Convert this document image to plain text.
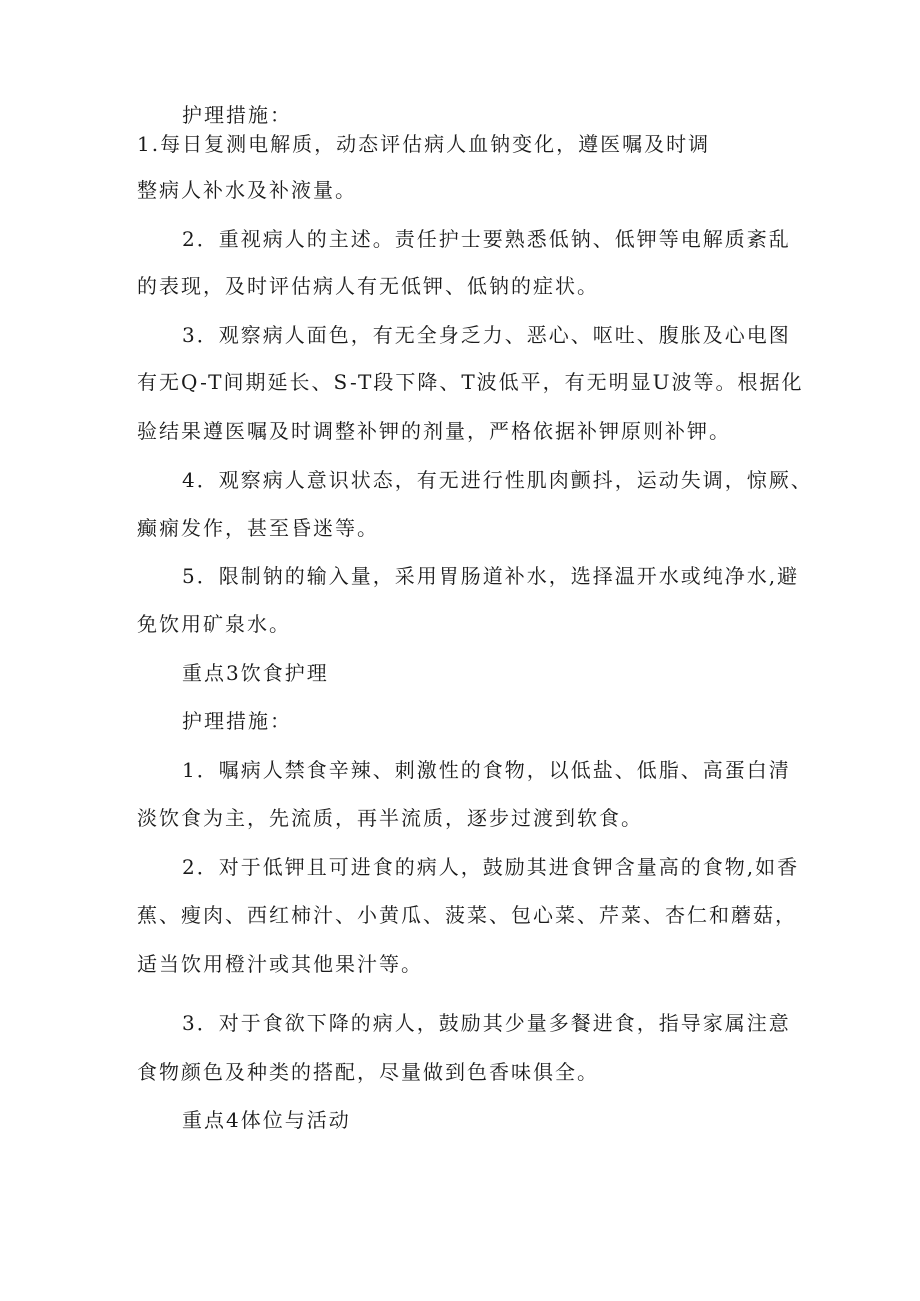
护理措施：
1.每日复测电解质，动态评估病人血钠变化，遵医嘱及时调
整病人补水及补液量。
2．重视病人的主述。责任护士要熟悉低钠、低钾等电解质紊乱
的表现，及时评估病人有无低钾、低钠的症状。
3．观察病人面色，有无全身乏力、恶心、呕吐、腹胀及心电图
有无Q-T间期延长、S-T段下降、T波低平，有无明显U波等。根据化
验结果遵医嘱及时调整补钾的剂量，严格依据补钾原则补钾。
4．观察病人意识状态，有无进行性肌肉颤抖，运动失调，惊厥、
癫痫发作，甚至昏迷等。
5．限制钠的输入量，采用胃肠道补水，选择温开水或纯净水,避
免饮用矿泉水。
重点3饮食护理
护理措施：
1．嘱病人禁食辛辣、刺激性的食物，以低盐、低脂、高蛋白清
淡饮食为主，先流质，再半流质，逐步过渡到软食。
2．对于低钾且可进食的病人，鼓励其进食钾含量高的食物,如香
蕉、瘦肉、西红柿汁、小黄瓜、菠菜、包心菜、芹菜、杏仁和蘑菇，
适当饮用橙汁或其他果汁等。
3．对于食欲下降的病人，鼓励其少量多餐进食，指导家属注意
食物颜色及种类的搭配，尽量做到色香味俱全。
重点4体位与活动
